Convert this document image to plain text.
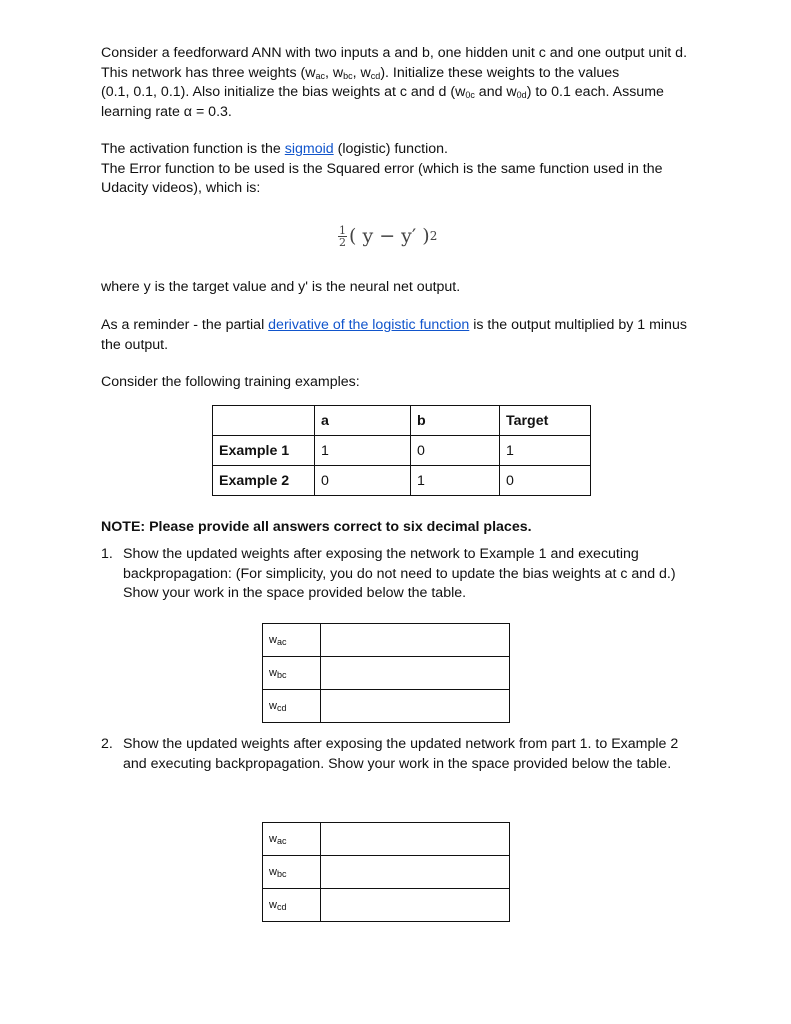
Consider a feedforward ANN with two inputs a and b, one hidden unit c and one output unit d.
This network has three weights ($w_{ac}$, $w_{bc}$, $w_{cd}$). Initialize these weights to the values
(0.1, 0.1, 0.1). Also initialize the bias weights at c and d ($w_{0c}$ and $w_{0d}$) to 0.1 each. Assume
learning rate α = 0.3.
The activation function is the sigmoid (logistic) function.
The Error function to be used is the Squared error (which is the same function used in the
Udacity videos), which is:
$\frac{1}{2}$ ( y − y′ ) 2
where y is the target value and y' is the neural net output.
As a reminder - the partial derivative of the logistic function is the output multiplied by 1 minus
the output.
Consider the following training examples:
	a	b	Target
Example 1	1	0	1
Example 2	0	1	0
NOTE: Please provide all answers correct to six decimal places.
1. Show the updated weights after exposing the network to Example 1 and executing
backpropagation: (For simplicity, you do not need to update the bias weights at c and d.)
Show your work in the space provided below the table.
$w_{ac}$	
$w_{bc}$	
$w_{cd}$	
2. Show the updated weights after exposing the updated network from part 1. to Example 2
and executing backpropagation. Show your work in the space provided below the table.
$w_{ac}$	
$w_{bc}$	
$w_{cd}$	
